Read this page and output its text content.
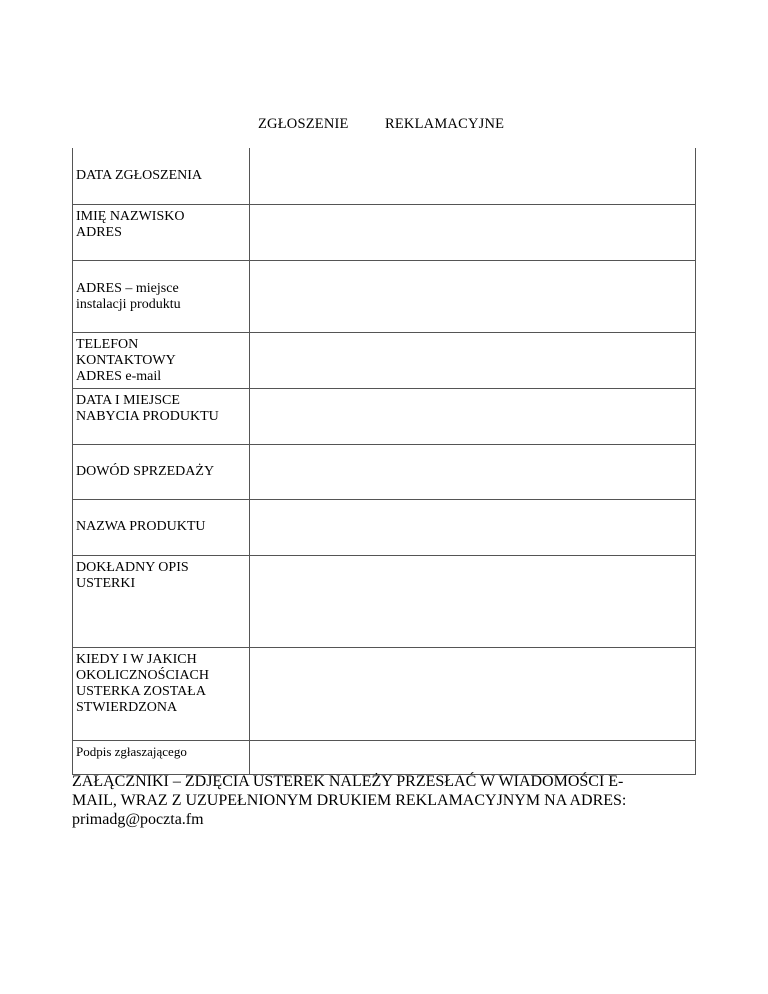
ZGŁOSZENIE	REKLAMACYJNE
DATA ZGŁOSZENIA	

IMIĘ NAZWISKO
ADRES	

ADRES – miejsce
instalacji produktu	

TELEFON
KONTAKTOWY
ADRES e-mail	

DATA I MIEJSCE
NABYCIA PRODUKTU	

DOWÓD SPRZEDAŻY	

NAZWA PRODUKTU	

DOKŁADNY OPIS
USTERKI	

KIEDY I W JAKICH
OKOLICZNOŚCIACH
USTERKA ZOSTAŁA
STWIERDZONA	

Podpis zgłaszającego	

ZAŁĄCZNIKI – ZDJĘCIA USTEREK NALEŻY PRZESŁAĆ W WIADOMOŚCI E-
MAIL, WRAZ Z UZUPEŁNIONYM DRUKIEM REKLAMACYJNYM NA ADRES:
primadg@poczta.fm
